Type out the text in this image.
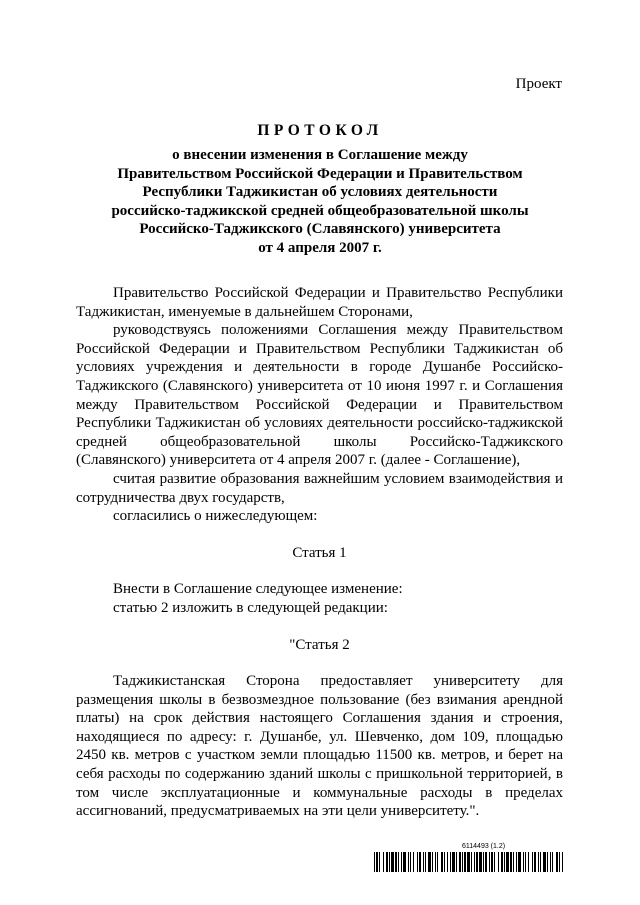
Проект
ПРОТОКОЛ
о внесении изменения в Соглашение между
Правительством Российской Федерации и Правительством
Республики Таджикистан об условиях деятельности
российско-таджикской средней общеобразовательной школы
Российско-Таджикского (Славянского) университета
от 4 апреля 2007 г.

Правительство Российской Федерации и Правительство Республики Таджикистан, именуемые в дальнейшем Сторонами,

руководствуясь положениями Соглашения между Правительством Российской Федерации и Правительством Республики Таджикистан об условиях учреждения и деятельности в городе Душанбе Российско-Таджикского (Славянского) университета от 10 июня 1997 г. и Соглашения между Правительством Российской Федерации и Правительством Республики Таджикистан об условиях деятельности российско-таджикской средней общеобразовательной школы Российско-Таджикского (Славянского) университета от 4 апреля 2007 г. (далее - Соглашение),

считая развитие образования важнейшим условием взаимодействия и сотрудничества двух государств,

согласились о нижеследующем:

Статья 1

Внести в Соглашение следующее изменение:

статью 2 изложить в следующей редакции:

"Статья 2

Таджикистанская Сторона предоставляет университету для размещения школы в безвозмездное пользование (без взимания арендной платы) на срок действия настоящего Соглашения здания и строения, находящиеся по адресу: г. Душанбе, ул. Шевченко, дом 109, площадью 2450 кв. метров с участком земли площадью 11500 кв. метров, и берет на себя расходы по содержанию зданий школы с пришкольной территорией, в том числе эксплуатационные и коммунальные расходы в пределах ассигнований, предусматриваемых на эти цели университету.".

6114493 (1.2)
